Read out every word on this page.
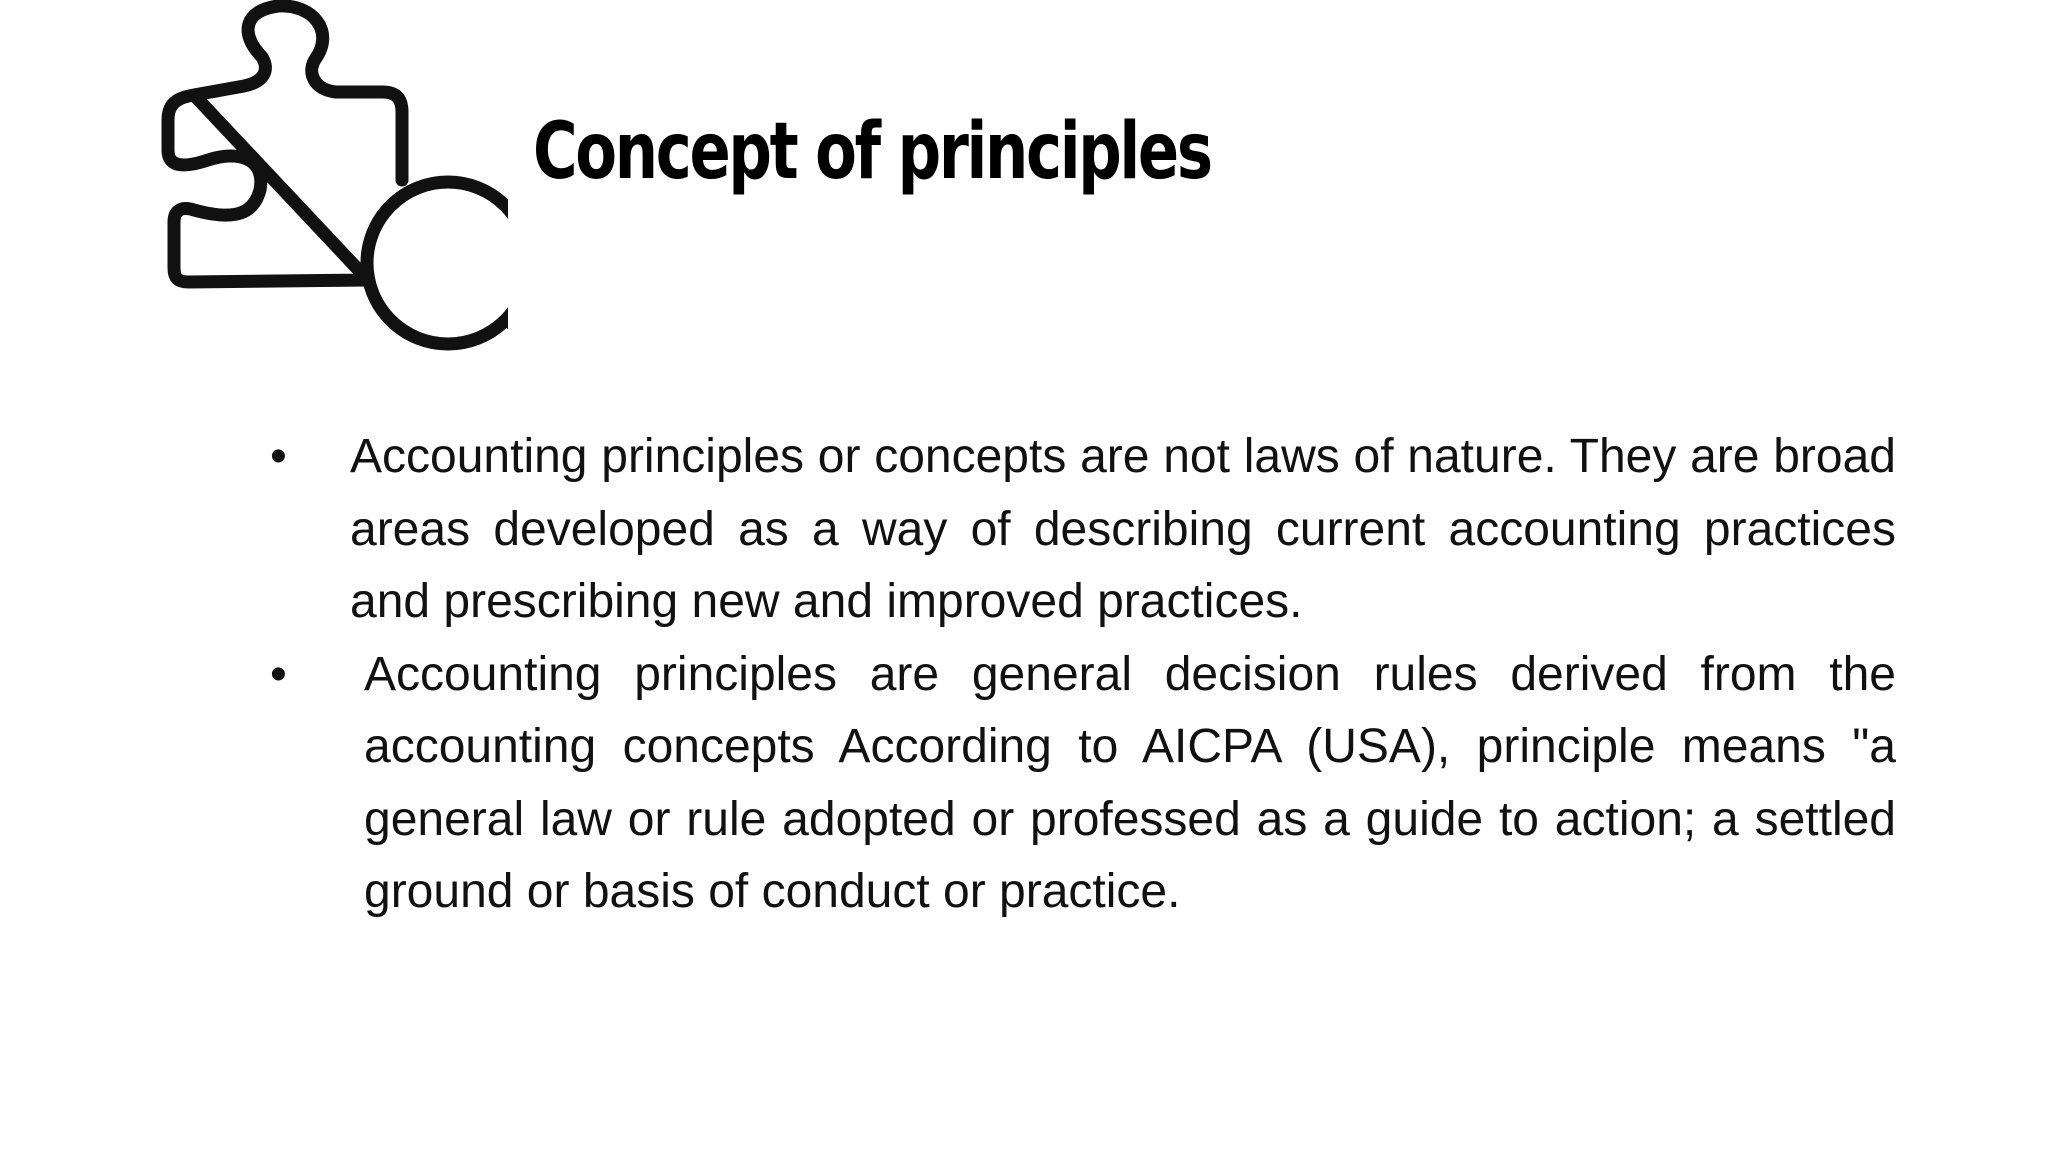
Concept of principles
•	Accounting principles or concepts are not laws of nature. They are broad areas developed as a way of describing current accounting practices and prescribing new and improved practices.
•	Accounting principles are general decision rules derived from the accounting concepts According to AICPA (USA), principle means "a general law or rule adopted or professed as a guide to action; a settled ground or basis of conduct or practice.
